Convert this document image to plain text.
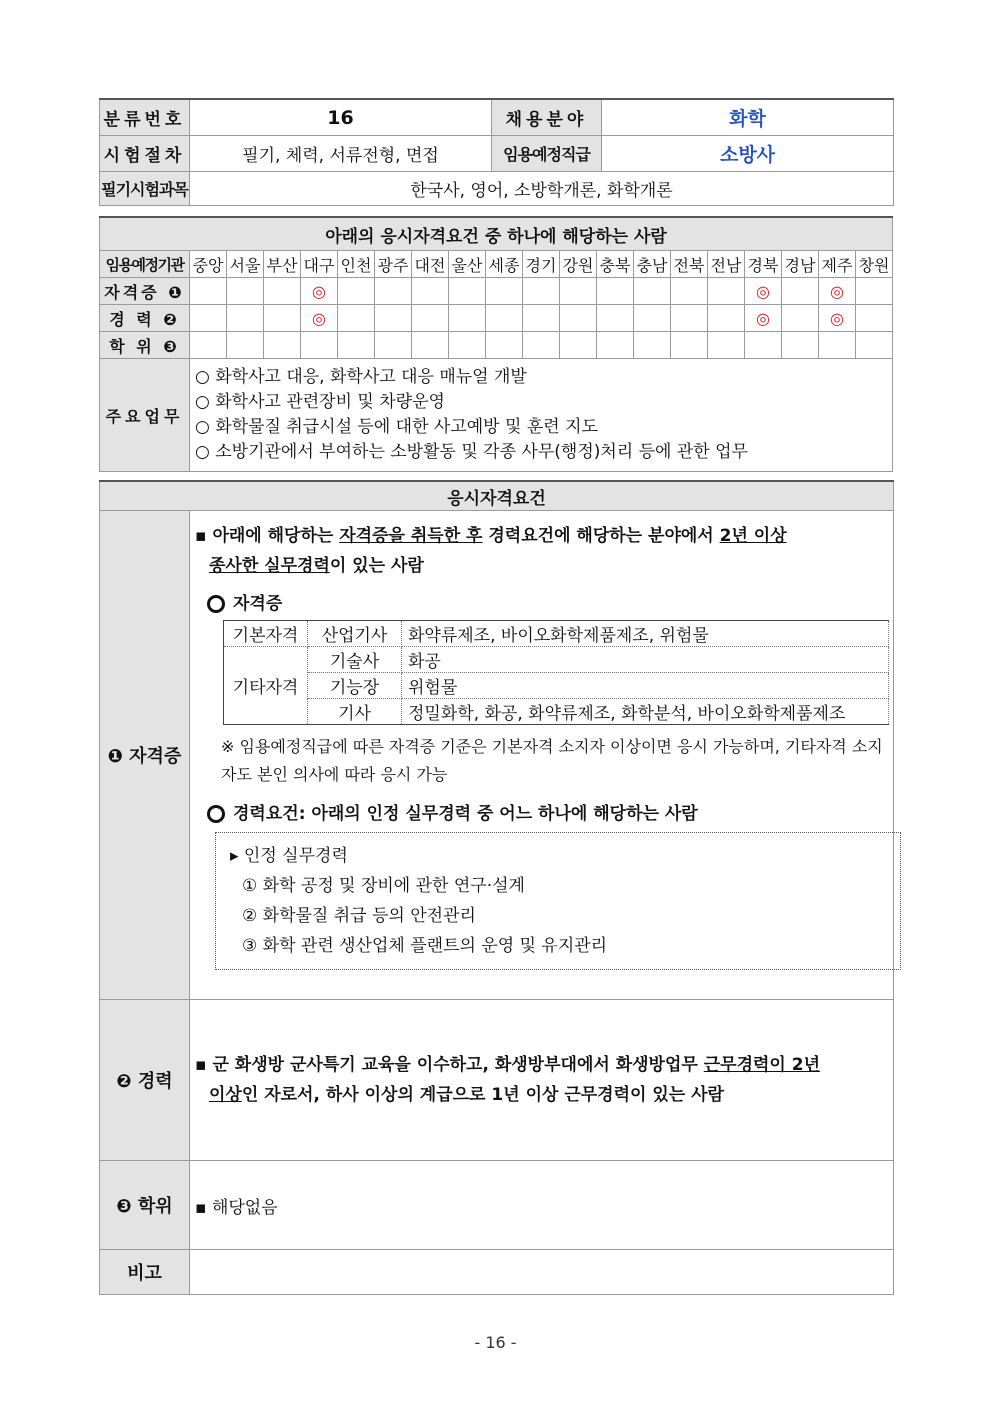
분류번호	16	채용분야	화학
시험절차	필기, 체력, 서류전형, 면접	임용예정직급	소방사
필기시험과목	한국사, 영어, 소방학개론, 화학개론		
아래의 응시자격요건 중 하나에 해당하는 사람																			
임용예정기관	중앙	서울	부산	대구	인천	광주	대전	울산	세종	경기	강원	충북	충남	전북	전남	경북	경남	제주	창원
자격증 ❶				◎												◎		◎	
경 력 ❷				◎												◎		◎	
학 위 ❸																			
주요업무	○ 화학사고 대응, 화학사고 대응 매뉴얼 개발
○ 화학사고 관련장비 및 차량운영
○ 화학물질 취급시설 등에 대한 사고예방 및 훈련 지도
○ 소방기관에서 부여하는 소방활동 및 각종 사무(행정)처리 등에 관한 업무																		
응시자격요건
❶ 자격증	
▪ 아래에 해당하는 자격증을 취득한 후 경력요건에 해당하는 분야에서 2년 이상
종사한 실무경력이 있는 사람
자격증
기본자격	산업기사	화약류제조, 바이오화학제품제조, 위험물
기타자격	기술사	화공
기능장	위험물
기사	정밀화학, 화공, 화약류제조, 화학분석, 바이오화학제품제조
※ 임용예정직급에 따른 자격증 기준은 기본자격 소지자 이상이면 응시 가능하며, 기타자격 소지자도 본인 의사에 따라 응시 가능
경력요건: 아래의 인정 실무경력 중 어느 하나에 해당하는 사람
▸ 인정 실무경력
① 화학 공정 및 장비에 관한 연구·설계
② 화학물질 취급 등의 안전관리
③ 화학 관련 생산업체 플랜트의 운영 및 유지관리

❷ 경력	
▪ 군 화생방 군사특기 교육을 이수하고, 화생방부대에서 화생방업무 근무경력이 2년
이상인 자로서, 하사 이상의 계급으로 1년 이상 근무경력이 있는 사람

❸ 학위	▪ 해당없음
비고	
- 16 -
